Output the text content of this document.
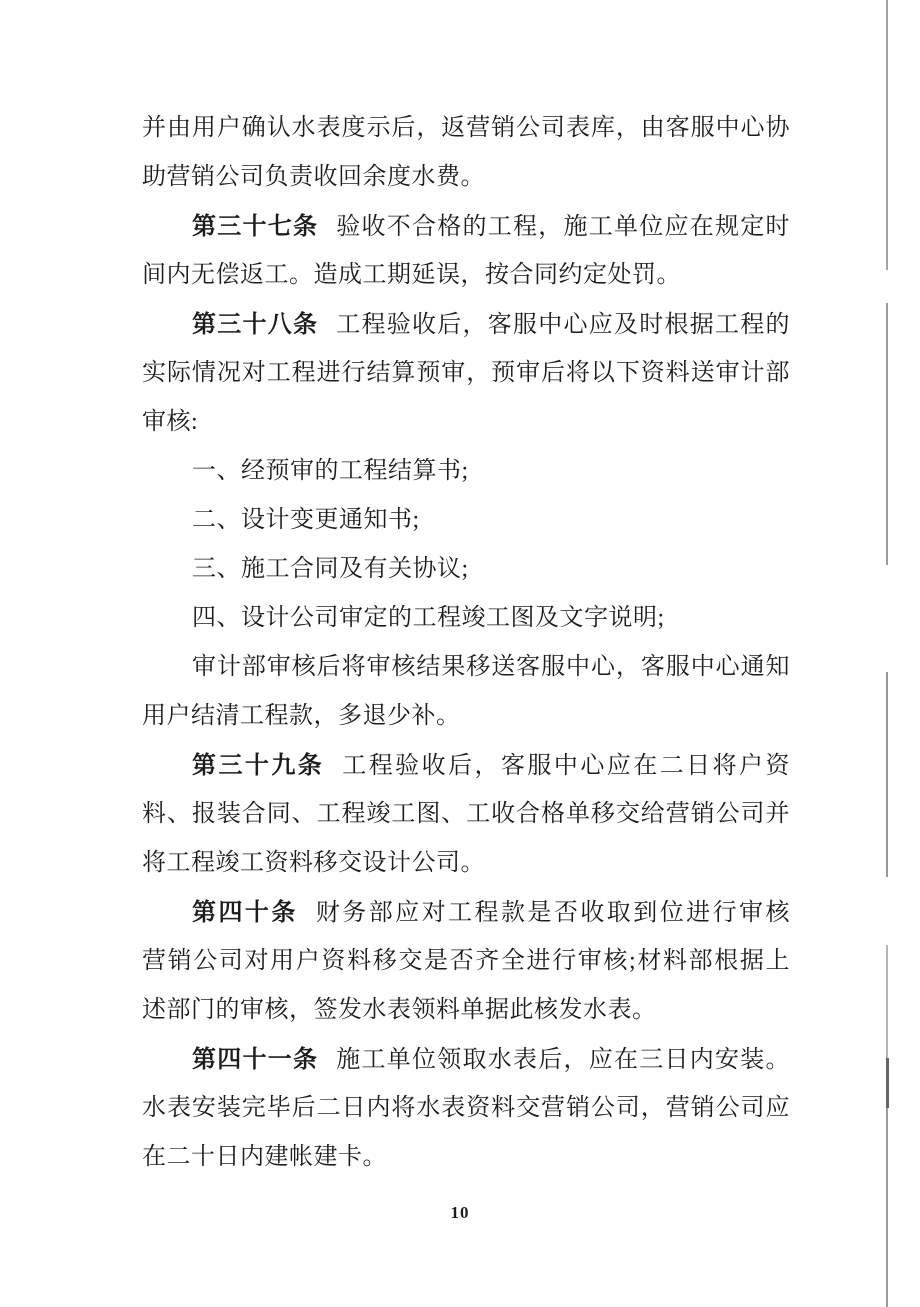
并由用户确认水表度示后，返营销公司表库，由客服中心协
助营销公司负责收回余度水费。
第三十七条 验收不合格的工程，施工单位应在规定时
间内无偿返工。造成工期延误，按合同约定处罚。
第三十八条 工程验收后，客服中心应及时根据工程的
实际情况对工程进行结算预审，预审后将以下资料送审计部
审核:
一、经预审的工程结算书;
二、设计变更通知书;
三、施工合同及有关协议;
四、设计公司审定的工程竣工图及文字说明;
审计部审核后将审核结果移送客服中心，客服中心通知
用户结清工程款，多退少补。
第三十九条 工程验收后，客服中心应在二日将户资
料、报装合同、工程竣工图、工收合格单移交给营销公司并
将工程竣工资料移交设计公司。
第四十条 财务部应对工程款是否收取到位进行审核
营销公司对用户资料移交是否齐全进行审核;材料部根据上
述部门的审核，签发水表领料单据此核发水表。
第四十一条 施工单位领取水表后，应在三日内安装。
水表安装完毕后二日内将水表资料交营销公司，营销公司应
在二十日内建帐建卡。
10
